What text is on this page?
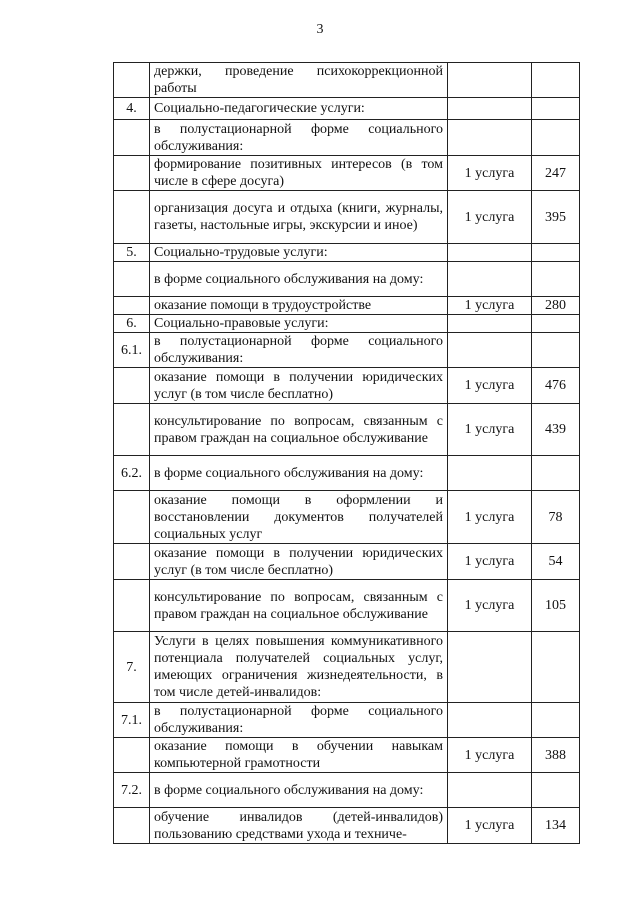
3
	держки, проведение психокоррекционной работы		
4.	Социально-педагогические услуги:		
	в полустационарной форме социального обслуживания:		
	формирование позитивных интересов (в том числе в сфере досуга)	1 услуга	247
	организация досуга и отдыха (книги, журналы, газеты, настольные игры, экскурсии и иное)	1 услуга	395
5.	Социально-трудовые услуги:		
	в форме социального обслуживания на дому:		
	оказание помощи в трудоустройстве	1 услуга	280
6.	Социально-правовые услуги:		
6.1.	в полустационарной форме социального обслуживания:		
	оказание помощи в получении юридических услуг (в том числе бесплатно)	1 услуга	476
	консультирование по вопросам, связанным с правом граждан на социальное обслуживание	1 услуга	439
6.2.	в форме социального обслуживания на дому:		
	оказание помощи в оформлении и восстановлении документов получателей социальных услуг	1 услуга	78
	оказание помощи в получении юридических услуг (в том числе бесплатно)	1 услуга	54
	консультирование по вопросам, связанным с правом граждан на социальное обслуживание	1 услуга	105
7.	Услуги в целях повышения коммуникативного потенциала получателей социальных услуг, имеющих ограничения жизнедеятельности, в том числе детей-инвалидов:		
7.1.	в полустационарной форме социального обслуживания:		
	оказание помощи в обучении навыкам компьютерной грамотности	1 услуга	388
7.2.	в форме социального обслуживания на дому:		
	обучение инвалидов (детей-инвалидов) пользованию средствами ухода и техниче-	1 услуга	134
